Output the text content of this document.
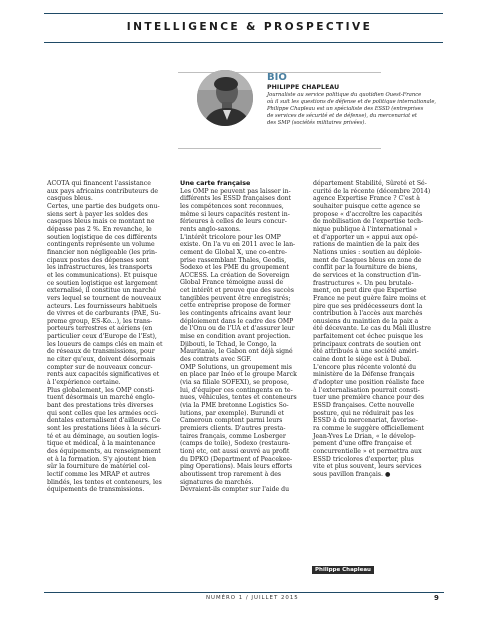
INTELLIGENCE & PROSPECTIVE
BIO
PHILIPPE CHAPLEAU
Journaliste au service politique du quotidien Ouest-France
où il suit les questions de défense et de politique internationale,
Philippe Chapleau est un spécialiste des ESSD (entreprises
de services de sécurité et de défense), du mercenariat et
des SMP (sociétés militaires privées).
ACOTA qui financent l'assistance
aux pays africains contributeurs de
casques bleus.
Certes, une partie des budgets onu-
siens sert à payer les soldes des
casques bleus mais ce montant ne
dépasse pas 2 %. En revanche, le
soutien logistique de ces différents
contingents représente un volume
financier non négligeable (les prin-
cipaux postes des dépenses sont
les infrastructures, les transports
et les communications). Et puisque
ce soutien logistique est largement
externalisé, il constitue un marché
vers lequel se tournent de nouveaux
acteurs. Les fournisseurs habituels
de vivres et de carburants (PAE, Su-
preme group, ES-Ko...), les trans-
porteurs terrestres et aériens (en
particulier ceux d'Europe de l'Est),
les loueurs de camps clés en main et
de réseaux de transmissions, pour
ne citer qu'eux, doivent désormais
compter sur de nouveaux concur-
rents aux capacités significatives et
à l'expérience certaine.
Plus globalement, les OMP consti-
tuent désormais un marché englo-
bant des prestations très diverses
qui sont celles que les armées occi-
dentales externalisent d'ailleurs. Ce
sont les prestations liées à la sécuri-
té et au déminage, au soutien logis-
tique et médical, à la maintenance
des équipements, au renseignement
et à la formation. S'y ajoutent bien
sûr la fourniture de matériel col-
lectif comme les MRAP et autres
blindés, les tentes et conteneurs, les
équipements de transmissions.
Une carte française
Les OMP ne peuvent pas laisser in-
différents les ESSD françaises dont
les compétences sont reconnues,
même si leurs capacités restent in-
férieures à celles de leurs concur-
rents anglo-saxons.
L'intérêt tricolore pour les OMP
existe. On l'a vu en 2011 avec le lan-
cement de Global X, une co-entre-
prise rassemblant Thales, Geodis,
Sodexo et les PME du groupement
ACCESS. La création de Sovereign
Global France témoigne aussi de
cet intérêt et prouve que des succès
tangibles peuvent être enregistrés;
cette entreprise propose de former
les contingents africains avant leur
déploiement dans le cadre des OMP
de l'Onu ou de l'UA et d'assurer leur
mise en condition avant projection.
Djibouti, le Tchad, le Congo, la
Mauritanie, le Gabon ont déjà signé
des contrats avec SGF.
OMP Solutions, un groupement mis
en place par Inéo et le groupe Marck
(via sa filiale SOFEXI), se propose,
lui, d'équiper ces contingents en te-
nues, véhicules, tentes et conteneurs
(via la PME bretonne Logistics So-
lutions, par exemple). Burundi et
Cameroun comptent parmi leurs
premiers clients. D'autres presta-
taires français, comme Losberger
(camps de toile), Sodexo (restaura-
tion) etc, ont aussi œuvré au profit
du DPKO (Department of Peacekee-
ping Operations). Mais leurs efforts
aboutissent trop rarement à des
signatures de marchés.
Devraient-ils compter sur l'aide du
département Stabilité, Sûreté et Sé-
curité de la récente (décembre 2014)
agence Expertise France ? C'est à
souhaiter puisque cette agence se
propose « d'accroître les capacités
de mobilisation de l'expertise tech-
nique publique à l'international »
et d'apporter un « appui aux opé-
rations de maintien de la paix des
Nations unies : soutien au déploie-
ment de Casques bleus en zone de
conflit par la fourniture de biens,
de services et la construction d'in-
frastructures ». Un peu brutale-
ment, on peut dire que Expertise
France ne peut guère faire moins et
pire que ses prédécesseurs dont la
contribution à l'accès aux marchés
onusiens du maintien de la paix a
été décevante. Le cas du Mali illustre
parfaitement cet échec puisque les
principaux contrats de soutien ont
été attribués à une société améri-
caine dont le siège est à Dubaï.
L'encore plus récente volonté du
ministère de la Défense français
d'adopter une position réaliste face
à l'externalisation pourrait consti-
tuer une première chance pour des
ESSD françaises. Cette nouvelle
posture, qui ne réduirait pas les
ESSD à du mercenariat, favorise-
ra comme le suggère officiellement
Jean-Yves Le Drian, « le dévelop-
pement d'une offre française et
concurrentielle » et permettra aux
ESSD tricolores d'exporter, plus
vite et plus souvent, leurs services
sous pavillon français. ●
Philippe Chapleau
NUMÉRO 1 / JUILLET 2015	9
